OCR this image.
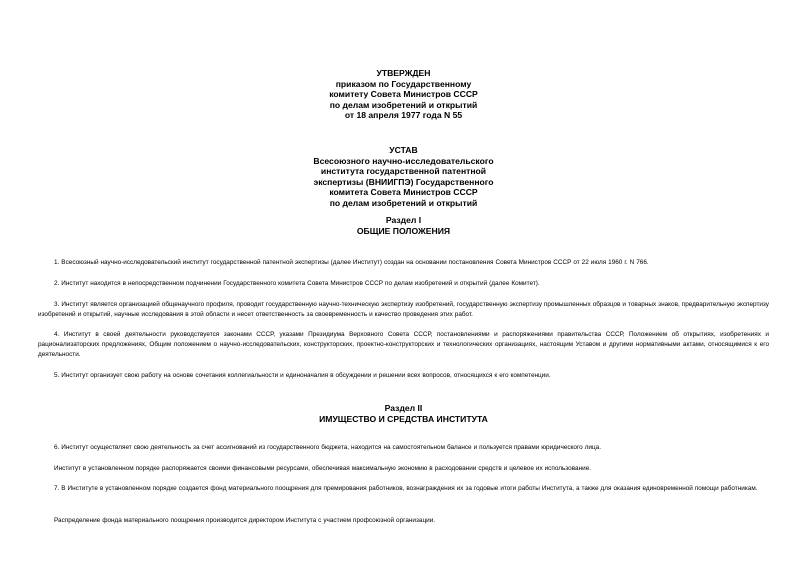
УТВЕРЖДЕН
приказом по Государственному
комитету Совета Министров СССР
по делам изобретений и открытий
от 18 апреля 1977 года N 55
УСТАВ
Всесоюзного научно-исследовательского
института государственной патентной
экспертизы (ВНИИГПЭ) Государственного
комитета Совета Министров СССР
по делам изобретений и открытий
Раздел I
ОБЩИЕ ПОЛОЖЕНИЯ
1. Всесоюзный научно-исследовательский институт государственной патентной экспертизы (далее Институт) создан на основании постановления Совета Министров СССР от 22 июля 1960 г. N 766.
2. Институт находится в непосредственном подчинении Государственного комитета Совета Министров СССР по делам изобретений и открытий (далее Комитет).
3. Институт является организацией общенаучного профиля, проводит государственную научно-техническую экспертизу изобретений, государственную экспертизу промышленных образцов и товарных знаков, предварительную экспертизу изобретений и открытий, научные исследования в этой области и несет ответственность за своевременность и качество проведения этих работ.
4. Институт в своей деятельности руководствуется законами СССР, указами Президиума Верховного Совета СССР, постановлениями и распоряжениями правительства СССР, Положением об открытиях, изобретениях и рационализаторских предложениях, Общим положением о научно-исследовательских, конструкторских, проектно-конструкторских и технологических организациях, настоящим Уставом и другими нормативными актами, относящимися к его деятельности.
5. Институт организует свою работу на основе сочетания коллегиальности и единоначалия в обсуждении и решении всех вопросов, относящихся к его компетенции.
Раздел II
ИМУЩЕСТВО И СРЕДСТВА ИНСТИТУТА
6. Институт осуществляет свою деятельность за счет ассигнований из государственного бюджета, находится на самостоятельном балансе и пользуется правами юридического лица.
Институт в установленном порядке распоряжается своими финансовыми ресурсами, обеспечивая максимальную экономию в расходовании средств и целевое их использование.
7. В Институте в установленном порядке создается фонд материального поощрения для премирования работников, вознаграждения их за годовые итоги работы Института, а также для оказания единовременной помощи работникам.
Распределение фонда материального поощрения производится директором Института с участием профсоюзной организации.
